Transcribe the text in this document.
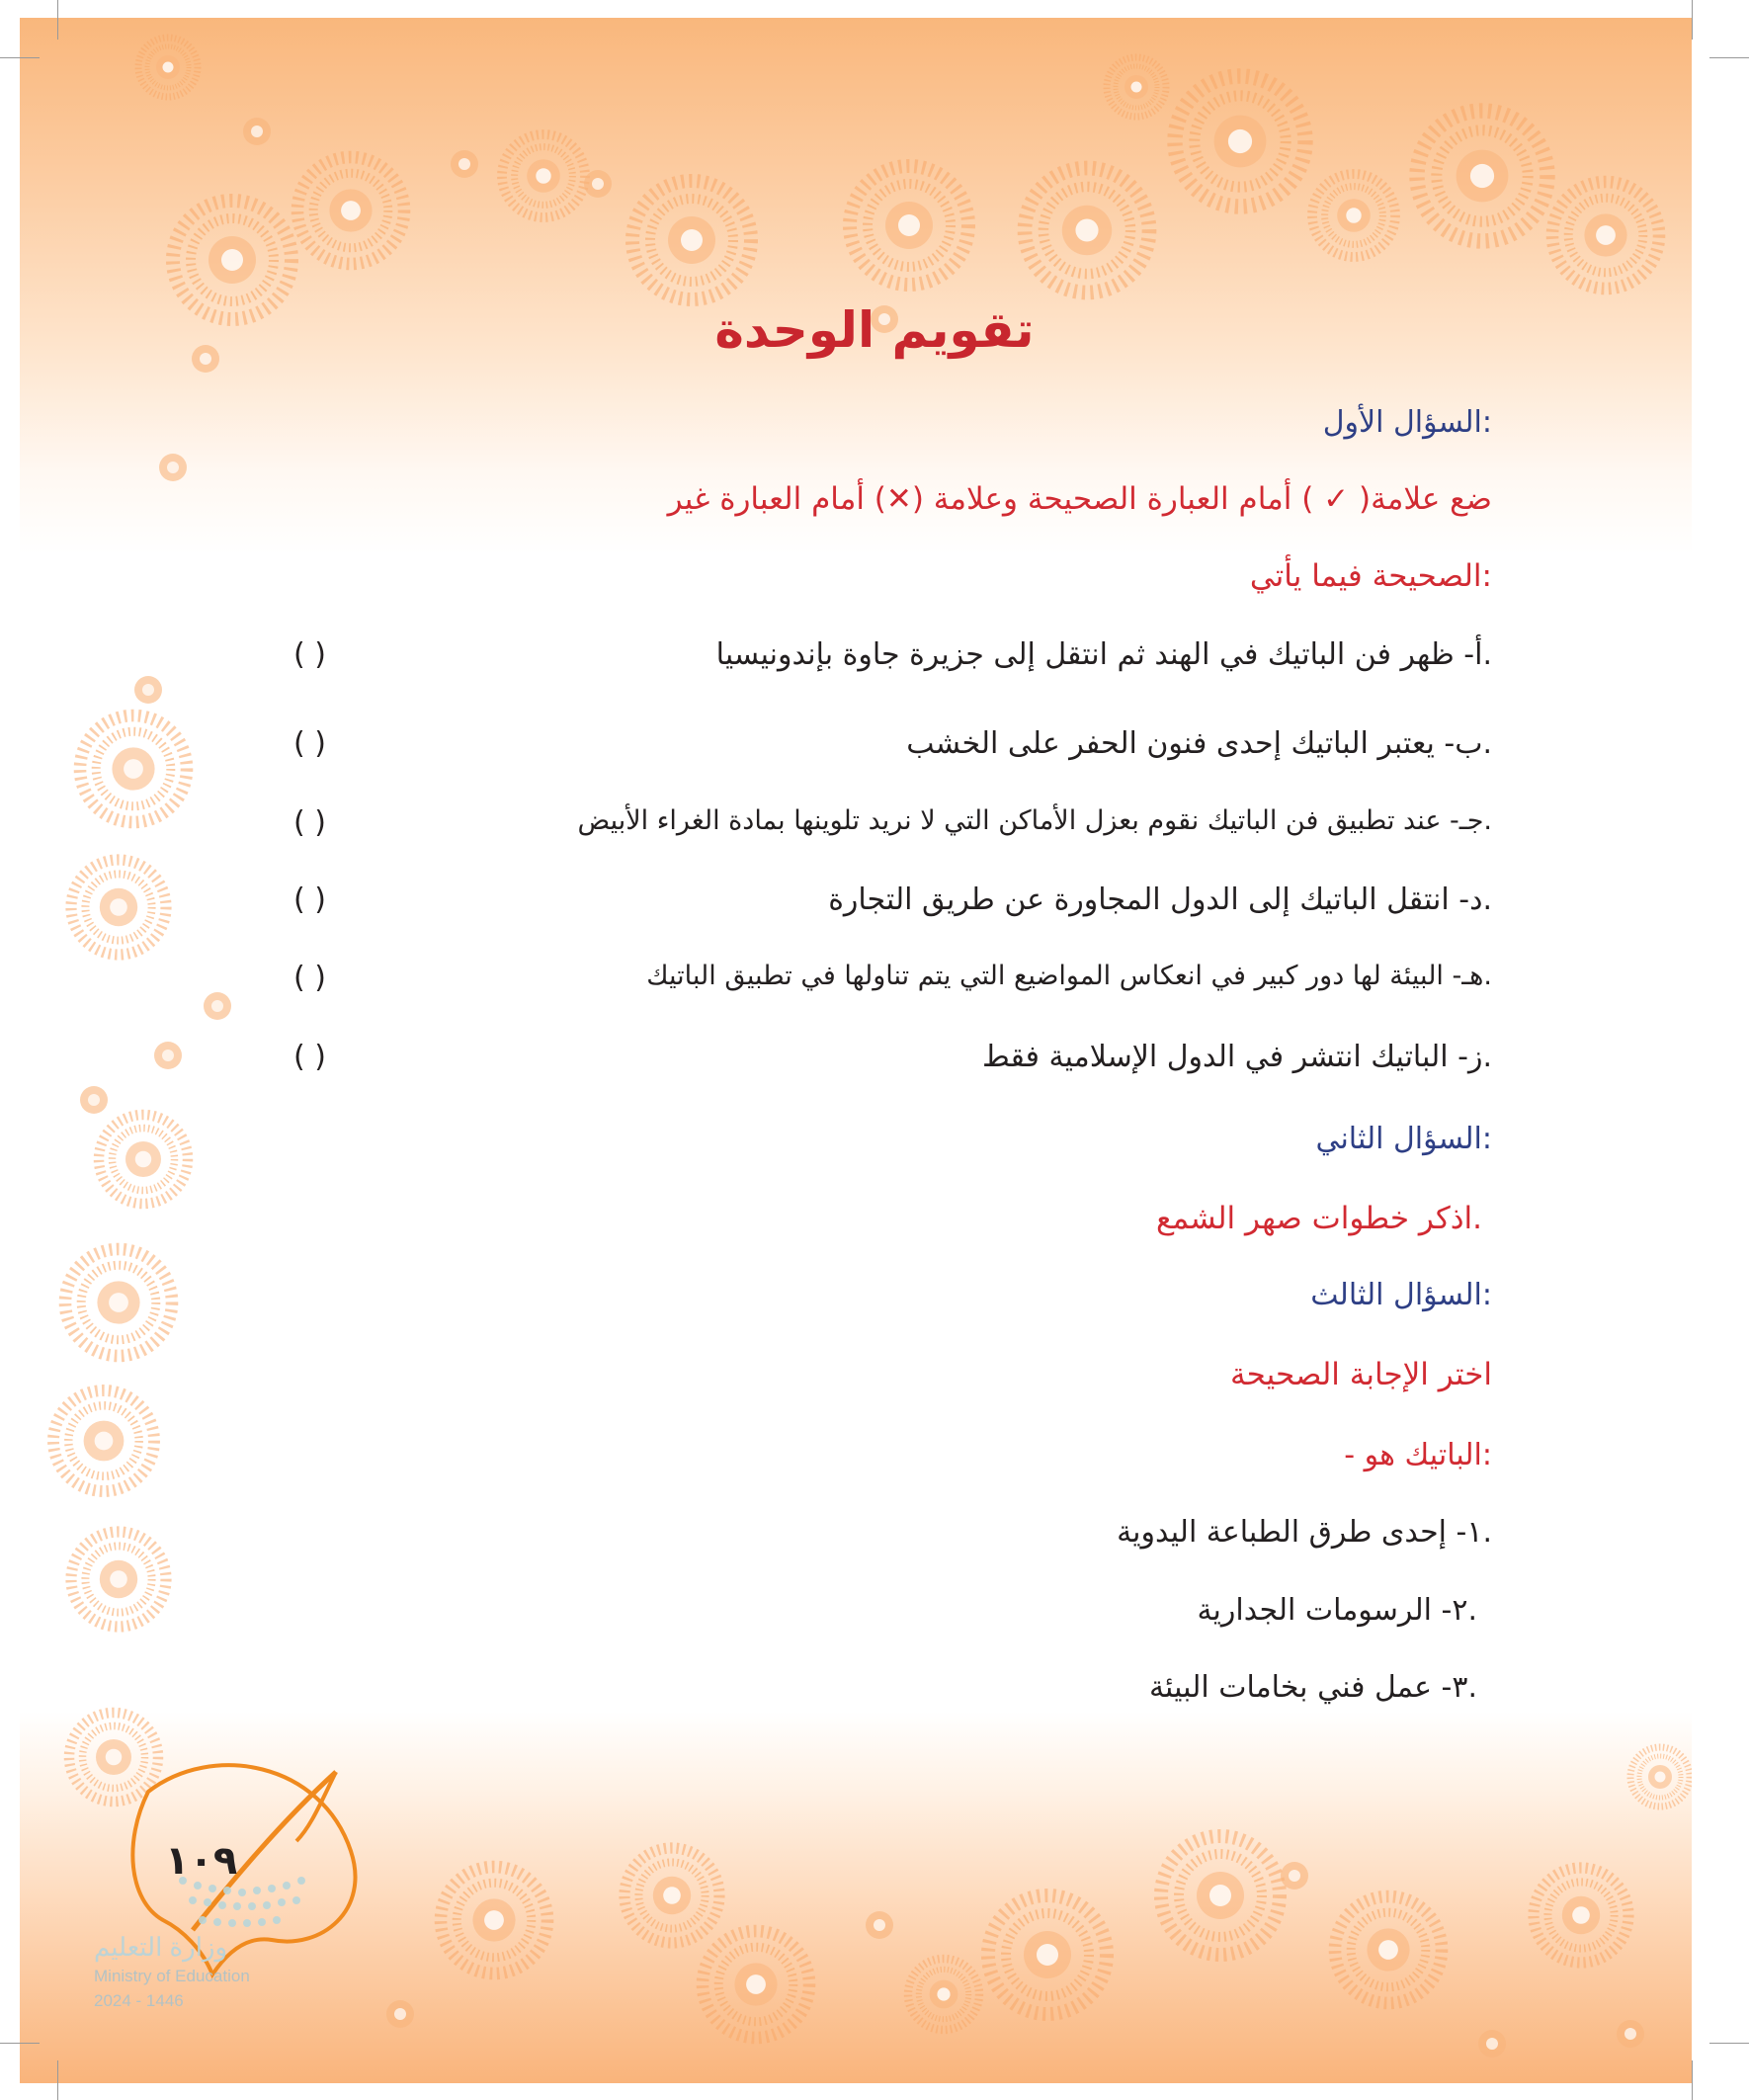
تقويم الوحدة
السؤال الأول:
ضع علامة( ✓ ) أمام العبارة الصحيحة وعلامة (✕) أمام العبارة غير
الصحيحة فيما يأتي:
أ- ظهر فن الباتيك في الهند ثم انتقل إلى جزيرة جاوة بإندونيسيا.
( )
ب- يعتبر الباتيك إحدى فنون الحفر على الخشب.
( )
جـ- عند تطبيق فن الباتيك نقوم بعزل الأماكن التي لا نريد تلوينها بمادة الغراء الأبيض.
( )
د- انتقل الباتيك إلى الدول المجاورة عن طريق التجارة.
( )
هـ- البيئة لها دور كبير في انعكاس المواضيع التي يتم تناولها في تطبيق الباتيك.
( )
ز- الباتيك انتشر في الدول الإسلامية فقط.
( )
السؤال الثاني:
اذكر خطوات صهر الشمع.
السؤال الثالث:
اختر الإجابة الصحيحة
- الباتيك هو:
١- إحدى طرق الطباعة اليدوية.
٢- الرسومات الجدارية.
٣- عمل فني بخامات البيئة.
١٠٩
وزارة التعليم
Ministry of Education
2024 - 1446
